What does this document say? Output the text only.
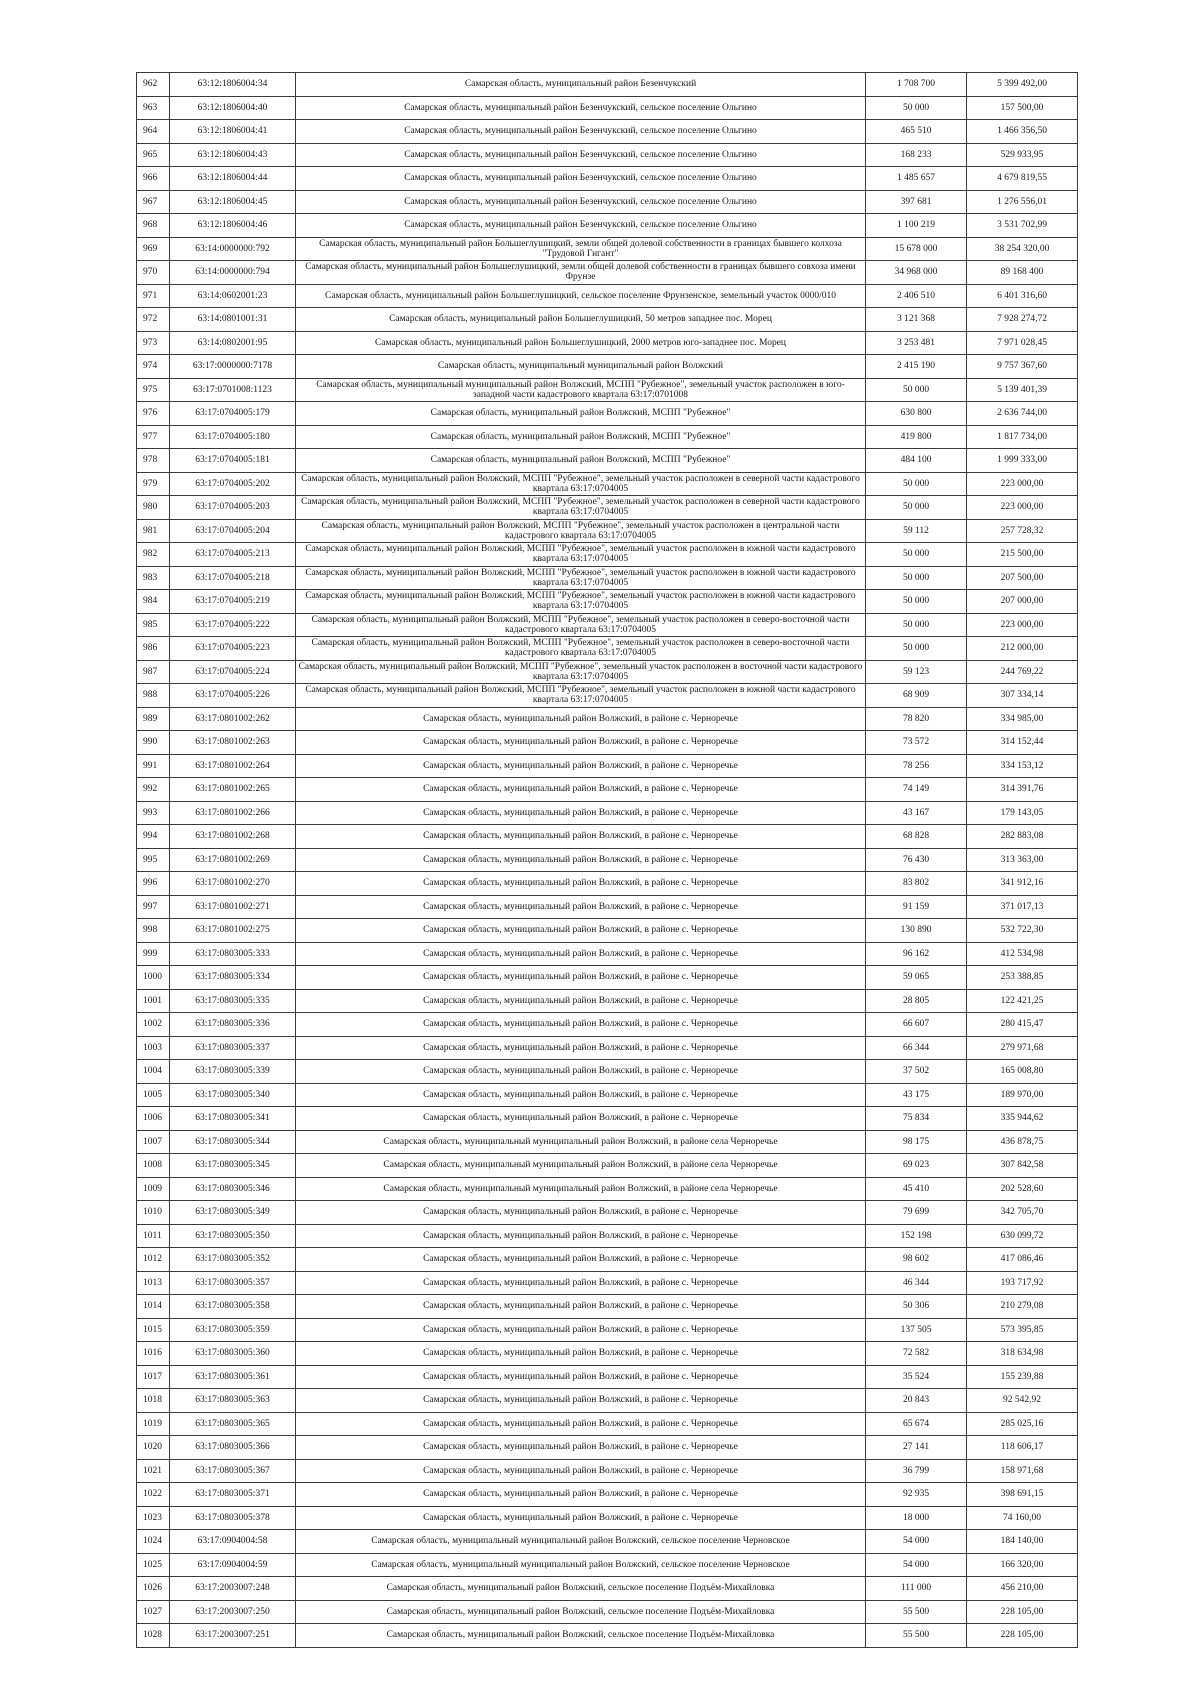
962	63:12:1806004:34	Самарская область, муниципальный район Безенчукский	1 708 700	5 399 492,00
963	63:12:1806004:40	Самарская область, муниципальный район Безенчукский, сельское поселение Ольгино	50 000	157 500,00
964	63:12:1806004:41	Самарская область, муниципальный район Безенчукский, сельское поселение Ольгино	465 510	1 466 356,50
965	63:12:1806004:43	Самарская область, муниципальный район Безенчукский, сельское поселение Ольгино	168 233	529 933,95
966	63:12:1806004:44	Самарская область, муниципальный район Безенчукский, сельское поселение Ольгино	1 485 657	4 679 819,55
967	63:12:1806004:45	Самарская область, муниципальный район Безенчукский, сельское поселение Ольгино	397 681	1 276 556,01
968	63:12:1806004:46	Самарская область, муниципальный район Безенчукский, сельское поселение Ольгино	1 100 219	3 531 702,99
969	63:14:0000000:792	Самарская область, муниципальный район Большеглушицкий, земли общей долевой собственности в границах бывшего колхоза "Трудовой Гигант"	15 678 000	38 254 320,00
970	63:14:0000000:794	Самарская область, муниципальный район Большеглушицкий, земли общей долевой собственности в границах бывшего совхоза имени Фрунзе	34 968 000	89 168 400
971	63:14:0602001:23	Самарская область, муниципальный район Большеглушицкий, сельское поселение Фрунзенское, земельный участок 0000/010	2 406 510	6 401 316,60
972	63:14:0801001:31	Самарская область, муниципальный район Большеглушицкий, 50 метров западнее пос. Морец	3 121 368	7 928 274,72
973	63:14:0802001:95	Самарская область, муниципальный район Большеглушицкий, 2000 метров юго-западнее пос. Морец	3 253 481	7 971 028,45
974	63:17:0000000:7178	Самарская область, муниципальный муниципальный район Волжский	2 415 190	9 757 367,60
975	63:17:0701008:1123	Самарская область, муниципальный муниципальный район Волжский, МСПП "Рубежное", земельный участок расположен в юго-западной части кадастрового квартала 63:17:0701008	50 000	5 139 401,39
976	63:17:0704005:179	Самарская область, муниципальный район Волжский, МСПП "Рубежное"	630 800	2 636 744,00
977	63:17:0704005:180	Самарская область, муниципальный район Волжский, МСПП "Рубежное"	419 800	1 817 734,00
978	63:17:0704005:181	Самарская область, муниципальный район Волжский, МСПП "Рубежное"	484 100	1 999 333,00
979	63:17:0704005:202	Самарская область, муниципальный район Волжский, МСПП "Рубежное", земельный участок расположен в северной части кадастрового квартала 63:17:0704005	50 000	223 000,00
980	63:17:0704005:203	Самарская область, муниципальный район Волжский, МСПП "Рубежное", земельный участок расположен в северной части кадастрового квартала 63:17:0704005	50 000	223 000,00
981	63:17:0704005:204	Самарская область, муниципальный район Волжский, МСПП "Рубежное", земельный участок расположен в центральной части кадастрового квартала 63:17:0704005	59 112	257 728,32
982	63:17:0704005:213	Самарская область, муниципальный район Волжский, МСПП "Рубежное", земельный участок расположен в южной части кадастрового квартала 63:17:0704005	50 000	215 500,00
983	63:17:0704005:218	Самарская область, муниципальный район Волжский, МСПП "Рубежное", земельный участок расположен в южной части кадастрового квартала 63:17:0704005	50 000	207 500,00
984	63:17:0704005:219	Самарская область, муниципальный район Волжский, МСПП "Рубежное", земельный участок расположен в южной части кадастрового квартала 63:17:0704005	50 000	207 000,00
985	63:17:0704005:222	Самарская область, муниципальный район Волжский, МСПП "Рубежное", земельный участок расположен в северо-восточной части кадастрового квартала 63:17:0704005	50 000	223 000,00
986	63:17:0704005:223	Самарская область, муниципальный район Волжский, МСПП "Рубежное", земельный участок расположен в северо-восточной части кадастрового квартала 63:17:0704005	50 000	212 000,00
987	63:17:0704005:224	Самарская область, муниципальный район Волжский, МСПП "Рубежное", земельный участок расположен в восточной части кадастрового квартала 63:17:0704005	59 123	244 769,22
988	63:17:0704005:226	Самарская область, муниципальный район Волжский, МСПП "Рубежное", земельный участок расположен в южной части кадастрового квартала 63:17:0704005	68 909	307 334,14
989	63:17:0801002:262	Самарская область, муниципальный район Волжский, в районе с. Черноречье	78 820	334 985,00
990	63:17:0801002:263	Самарская область, муниципальный район Волжский, в районе с. Черноречье	73 572	314 152,44
991	63:17:0801002:264	Самарская область, муниципальный район Волжский, в районе с. Черноречье	78 256	334 153,12
992	63:17:0801002:265	Самарская область, муниципальный район Волжский, в районе с. Черноречье	74 149	314 391,76
993	63:17:0801002:266	Самарская область, муниципальный район Волжский, в районе с. Черноречье	43 167	179 143,05
994	63:17:0801002:268	Самарская область, муниципальный район Волжский, в районе с. Черноречье	68 828	282 883,08
995	63:17:0801002:269	Самарская область, муниципальный район Волжский, в районе с. Черноречье	76 430	313 363,00
996	63:17:0801002:270	Самарская область, муниципальный район Волжский, в районе с. Черноречье	83 802	341 912,16
997	63:17:0801002:271	Самарская область, муниципальный район Волжский, в районе с. Черноречье	91 159	371 017,13
998	63:17:0801002:275	Самарская область, муниципальный район Волжский, в районе с. Черноречье	130 890	532 722,30
999	63:17:0803005:333	Самарская область, муниципальный район Волжский, в районе с. Черноречье	96 162	412 534,98
1000	63:17:0803005:334	Самарская область, муниципальный район Волжский, в районе с. Черноречье	59 065	253 388,85
1001	63:17:0803005:335	Самарская область, муниципальный район Волжский, в районе с. Черноречье	28 805	122 421,25
1002	63:17:0803005:336	Самарская область, муниципальный район Волжский, в районе с. Черноречье	66 607	280 415,47
1003	63:17:0803005:337	Самарская область, муниципальный район Волжский, в районе с. Черноречье	66 344	279 971,68
1004	63:17:0803005:339	Самарская область, муниципальный район Волжский, в районе с. Черноречье	37 502	165 008,80
1005	63:17:0803005:340	Самарская область, муниципальный район Волжский, в районе с. Черноречье	43 175	189 970,00
1006	63:17:0803005:341	Самарская область, муниципальный район Волжский, в районе с. Черноречье	75 834	335 944,62
1007	63:17:0803005:344	Самарская область, муниципальный муниципальный район Волжский, в районе села Черноречье	98 175	436 878,75
1008	63:17:0803005:345	Самарская область, муниципальный муниципальный район Волжский, в районе села Черноречье	69 023	307 842,58
1009	63:17:0803005:346	Самарская область, муниципальный муниципальный район Волжский, в районе села Черноречье	45 410	202 528,60
1010	63:17:0803005:349	Самарская область, муниципальный район Волжский, в районе с. Черноречье	79 699	342 705,70
1011	63:17:0803005:350	Самарская область, муниципальный район Волжский, в районе с. Черноречье	152 198	630 099,72
1012	63:17:0803005:352	Самарская область, муниципальный район Волжский, в районе с. Черноречье	98 602	417 086,46
1013	63:17:0803005:357	Самарская область, муниципальный район Волжский, в районе с. Черноречье	46 344	193 717,92
1014	63:17:0803005:358	Самарская область, муниципальный район Волжский, в районе с. Черноречье	50 306	210 279,08
1015	63:17:0803005:359	Самарская область, муниципальный район Волжский, в районе с. Черноречье	137 505	573 395,85
1016	63:17:0803005:360	Самарская область, муниципальный район Волжский, в районе с. Черноречье	72 582	318 634,98
1017	63:17:0803005:361	Самарская область, муниципальный район Волжский, в районе с. Черноречье	35 524	155 239,88
1018	63:17:0803005:363	Самарская область, муниципальный район Волжский, в районе с. Черноречье	20 843	92 542,92
1019	63:17:0803005:365	Самарская область, муниципальный район Волжский, в районе с. Черноречье	65 674	285 025,16
1020	63:17:0803005:366	Самарская область, муниципальный район Волжский, в районе с. Черноречье	27 141	118 606,17
1021	63:17:0803005:367	Самарская область, муниципальный район Волжский, в районе с. Черноречье	36 799	158 971,68
1022	63:17:0803005:371	Самарская область, муниципальный район Волжский, в районе с. Черноречье	92 935	398 691,15
1023	63:17:0803005:378	Самарская область, муниципальный район Волжский, в районе с. Черноречье	18 000	74 160,00
1024	63:17:0904004:58	Самарская область, муниципальный муниципальный район Волжский, сельское поселение Черновское	54 000	184 140,00
1025	63:17:0904004:59	Самарская область, муниципальный муниципальный район Волжский, сельское поселение Черновское	54 000	166 320,00
1026	63:17:2003007:248	Самарская область, муниципальный район Волжский, сельское поселение Подъём-Михайловка	111 000	456 210,00
1027	63:17:2003007:250	Самарская область, муниципальный район Волжский, сельское поселение Подъём-Михайловка	55 500	228 105,00
1028	63:17:2003007:251	Самарская область, муниципальный район Волжский, сельское поселение Подъём-Михайловка	55 500	228 105,00
